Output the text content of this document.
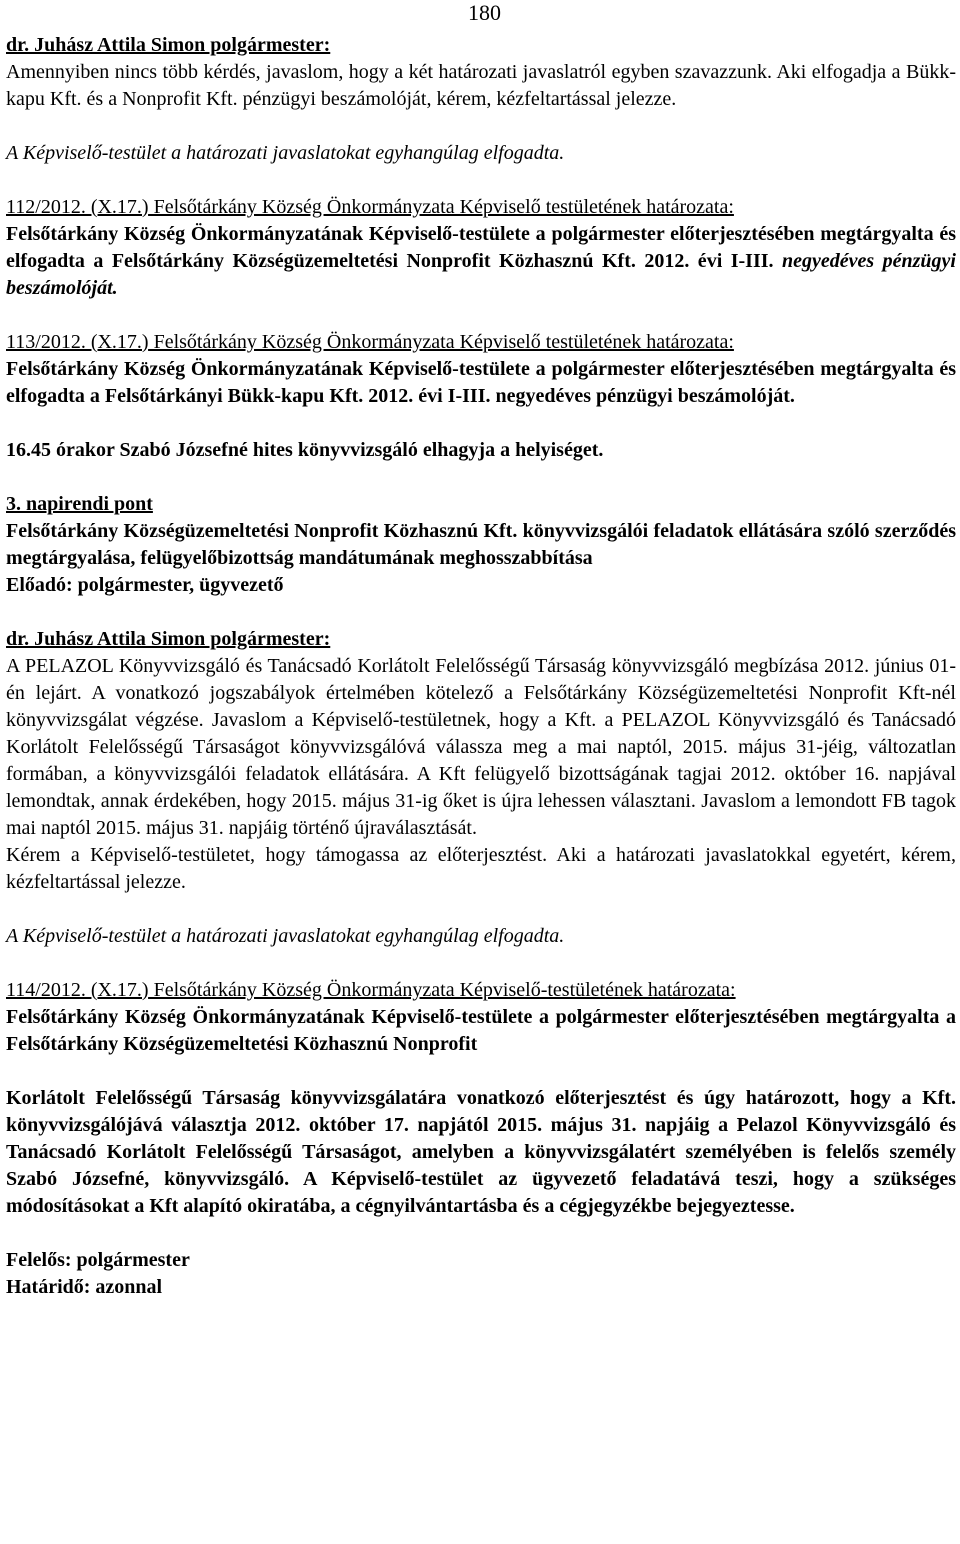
180

dr. Juhász Attila Simon polgármester:

Amennyiben nincs több kérdés, javaslom, hogy a két határozati javaslatról egyben szavazzunk. Aki elfogadja a Bükk-kapu Kft. és a Nonprofit Kft. pénzügyi beszámolóját, kérem, kézfeltartással jelezze.

A Képviselő-testület a határozati javaslatokat egyhangúlag elfogadta.

112/2012. (X.17.) Felsőtárkány Község Önkormányzata Képviselő testületének határozata:

Felsőtárkány Község Önkormányzatának Képviselő-testülete a polgármester előterjesztésében megtárgyalta és elfogadta a Felsőtárkány Községüzemeltetési Nonprofit Közhasznú Kft. 2012. évi I-III. negyedéves pénzügyi beszámolóját.

113/2012. (X.17.) Felsőtárkány Község Önkormányzata Képviselő testületének határozata:

Felsőtárkány Község Önkormányzatának Képviselő-testülete a polgármester előterjesztésében megtárgyalta és elfogadta a Felsőtárkányi Bükk-kapu Kft. 2012. évi I-III. negyedéves pénzügyi beszámolóját.

16.45 órakor Szabó Józsefné hites könyvvizsgáló elhagyja a helyiséget.

3. napirendi pont

Felsőtárkány Községüzemeltetési Nonprofit Közhasznú Kft. könyvvizsgálói feladatok ellátására szóló szerződés megtárgyalása, felügyelőbizottság mandátumának meghosszabbítása

Előadó: polgármester, ügyvezető

dr. Juhász Attila Simon polgármester:

A PELAZOL Könyvvizsgáló és Tanácsadó Korlátolt Felelősségű Társaság könyvvizsgáló megbízása 2012. június 01-én lejárt. A vonatkozó jogszabályok értelmében kötelező a Felsőtárkány Községüzemeltetési Nonprofit Kft-nél könyvvizsgálat végzése. Javaslom a Képviselő-testületnek, hogy a Kft. a PELAZOL Könyvvizsgáló és Tanácsadó Korlátolt Felelősségű Társaságot könyvvizsgálóvá válassza meg a mai naptól, 2015. május 31-jéig, változatlan formában, a könyvvizsgálói feladatok ellátására. A Kft felügyelő bizottságának tagjai 2012. október 16. napjával lemondtak, annak érdekében, hogy 2015. május 31-ig őket is újra lehessen választani. Javaslom a lemondott FB tagok mai naptól 2015. május 31. napjáig történő újraválasztását.

Kérem a Képviselő-testületet, hogy támogassa az előterjesztést. Aki a határozati javaslatokkal egyetért, kérem, kézfeltartással jelezze.

A Képviselő-testület a határozati javaslatokat egyhangúlag elfogadta.

114/2012. (X.17.) Felsőtárkány Község Önkormányzata Képviselő-testületének határozata:

Felsőtárkány Község Önkormányzatának Képviselő-testülete a polgármester előterjesztésében megtárgyalta a Felsőtárkány Községüzemeltetési Közhasznú Nonprofit

Korlátolt Felelősségű Társaság könyvvizsgálatára vonatkozó előterjesztést és úgy határozott, hogy a Kft. könyvvizsgálójává választja 2012. október 17. napjától 2015. május 31. napjáig a Pelazol Könyvvizsgáló és Tanácsadó Korlátolt Felelősségű Társaságot, amelyben a könyvvizsgálatért személyében is felelős személy Szabó Józsefné, könyvvizsgáló. A Képviselő-testület az ügyvezető feladatává teszi, hogy a szükséges módosításokat a Kft alapító okiratába, a cégnyilvántartásba és a cégjegyzékbe bejegyeztesse.

Felelős: polgármester

Határidő: azonnal
